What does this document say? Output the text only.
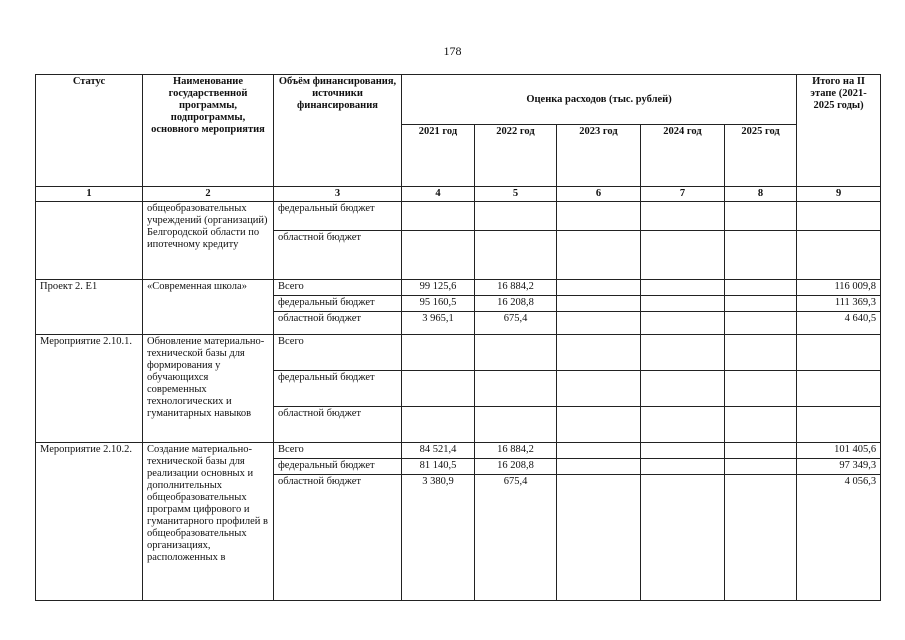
178
Статус	Наименование государственной программы, подпрограммы, основного мероприятия	Объём финансирования, источники финансирования	Оценка расходов (тыс. рублей)					Итого на II этапе (2021-2025 годы)
			2021 год	2022 год	2023 год	2024 год	2025 год	
1	2	3	4	5	6	7	8	9
	общеобразовательных учреждений (организаций) Белгородской области по ипотечному кредиту	федеральный бюджет						
		областной бюджет						
Проект 2. Е1	«Современная школа»	Всего	99 125,6	16 884,2				116 009,8
		федеральный бюджет	95 160,5	16 208,8				111 369,3
		областной бюджет	3 965,1	675,4				4 640,5
Мероприятие 2.10.1.	Обновление материально-технической базы для формирования у обучающихся современных технологических и гуманитарных навыков	Всего						
		федеральный бюджет						
		областной бюджет						
Мероприятие 2.10.2.	Создание материально-технической базы для реализации основных и дополнительных общеобразовательных программ цифрового и гуманитарного профилей в общеобразовательных организациях, расположенных в	Всего	84 521,4	16 884,2				101 405,6
		федеральный бюджет	81 140,5	16 208,8				97 349,3
		областной бюджет	3 380,9	675,4				4 056,3
